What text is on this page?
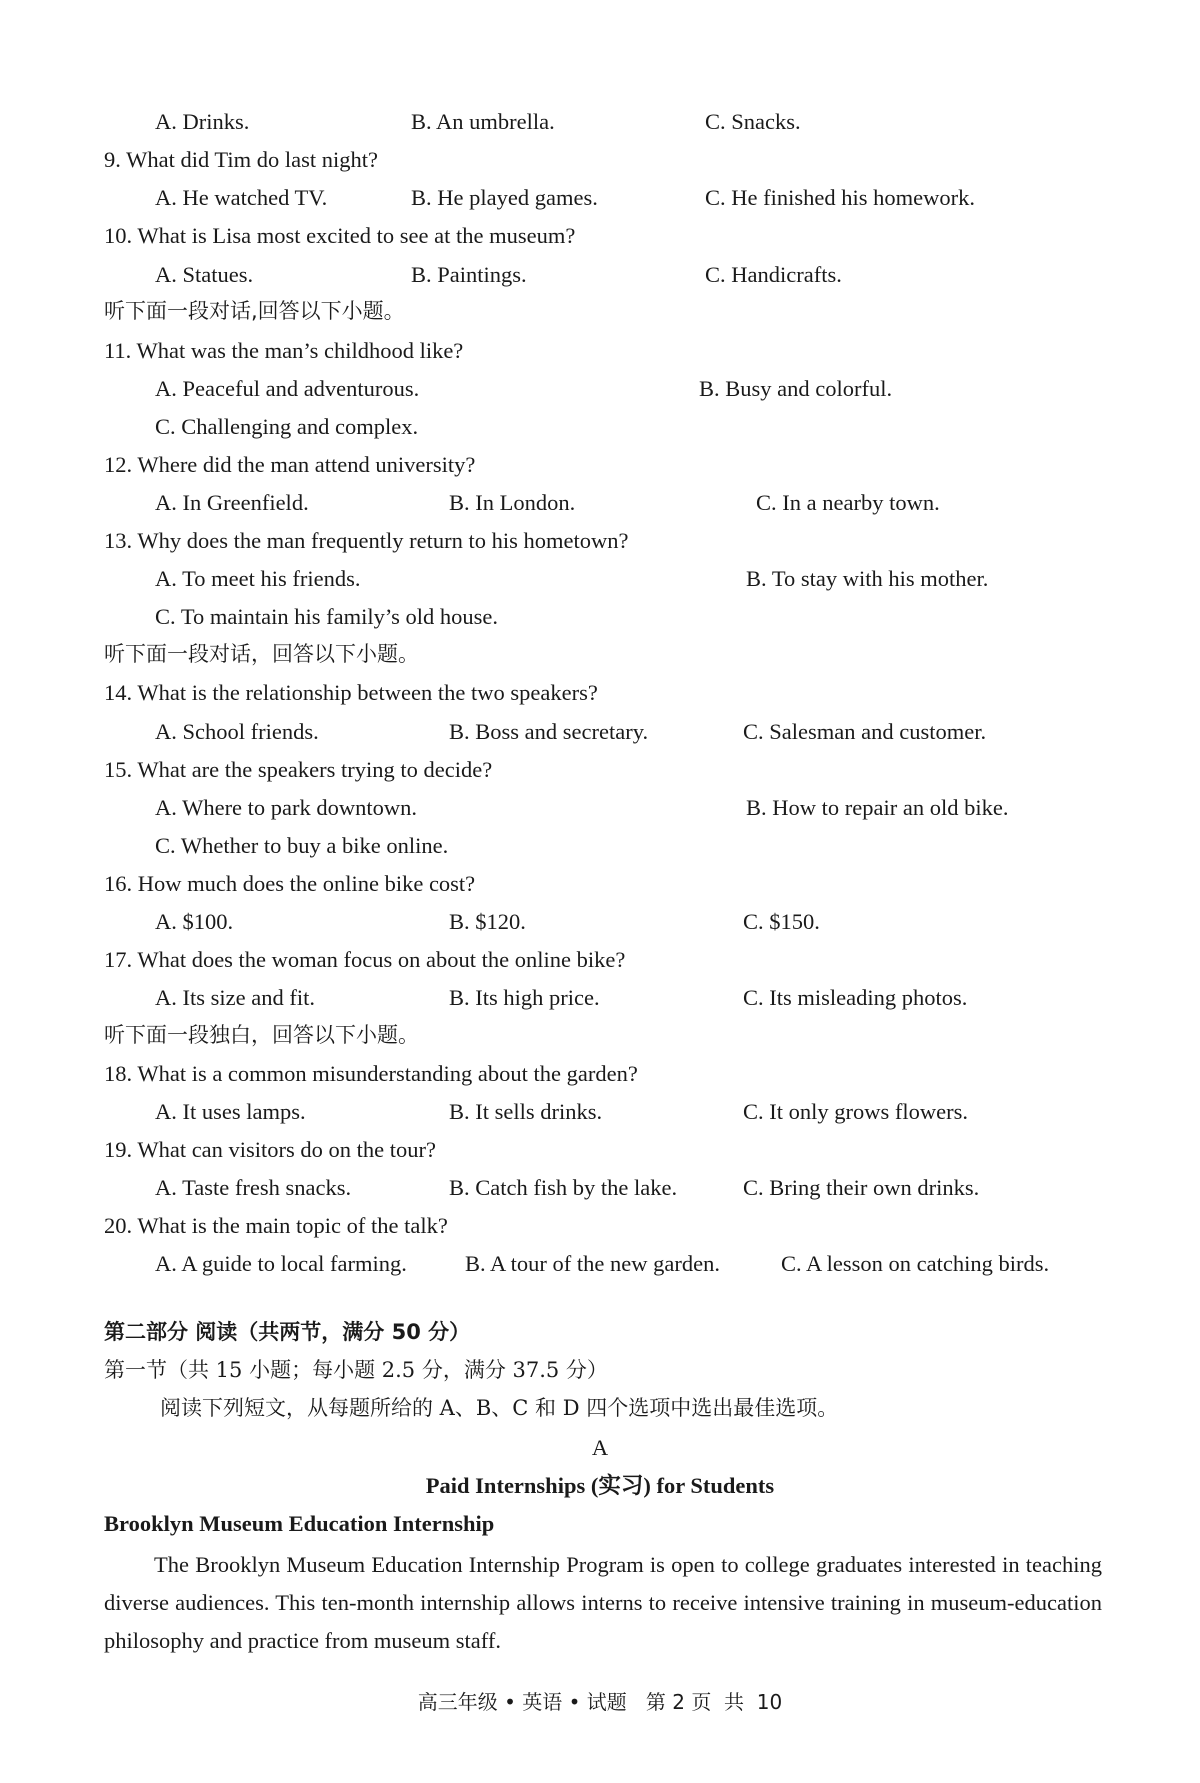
A. Drinks.	B. An umbrella.	C. Snacks.
9. What did Tim do last night?
A. He watched TV.	B. He played games.	C. He finished his homework.
10. What is Lisa most excited to see at the museum?
A. Statues.	B. Paintings.	C. Handicrafts.
听下面一段对话,回答以下小题。
11. What was the man’s childhood like?
A. Peaceful and adventurous.	B. Busy and colorful.
C. Challenging and complex.
12. Where did the man attend university?
A. In Greenfield.	B. In London.	C. In a nearby town.
13. Why does the man frequently return to his hometown?
A. To meet his friends.	B. To stay with his mother.
C. To maintain his family’s old house.
听下面一段对话，回答以下小题。
14. What is the relationship between the two speakers?
A. School friends.	B. Boss and secretary.	C. Salesman and customer.
15. What are the speakers trying to decide?
A. Where to park downtown.	B. How to repair an old bike.
C. Whether to buy a bike online.
16. How much does the online bike cost?
A. $100.	B. $120.	C. $150.
17. What does the woman focus on about the online bike?
A. Its size and fit.	B. Its high price.	C. Its misleading photos.
听下面一段独白，回答以下小题。
18. What is a common misunderstanding about the garden?
A. It uses lamps.	B. It sells drinks.	C. It only grows flowers.
19. What can visitors do on the tour?
A. Taste fresh snacks.	B. Catch fish by the lake.	C. Bring their own drinks.
20. What is the main topic of the talk?
A. A guide to local farming.	B. A tour of the new garden.	C. A lesson on catching birds.
第二部分 阅读（共两节，满分 50 分）
第一节（共 15 小题；每小题 2.5 分，满分 37.5 分）
阅读下列短文，从每题所给的 A、B、C 和 D 四个选项中选出最佳选项。
A
Paid Internships (实习) for Students
Brooklyn Museum Education Internship
The Brooklyn Museum Education Internship Program is open to college graduates interested in teaching diverse audiences. This ten-month internship allows interns to receive intensive training in museum-education philosophy and practice from museum staff.
高三年级 • 英语 • 试题   第 2 页  共  10
